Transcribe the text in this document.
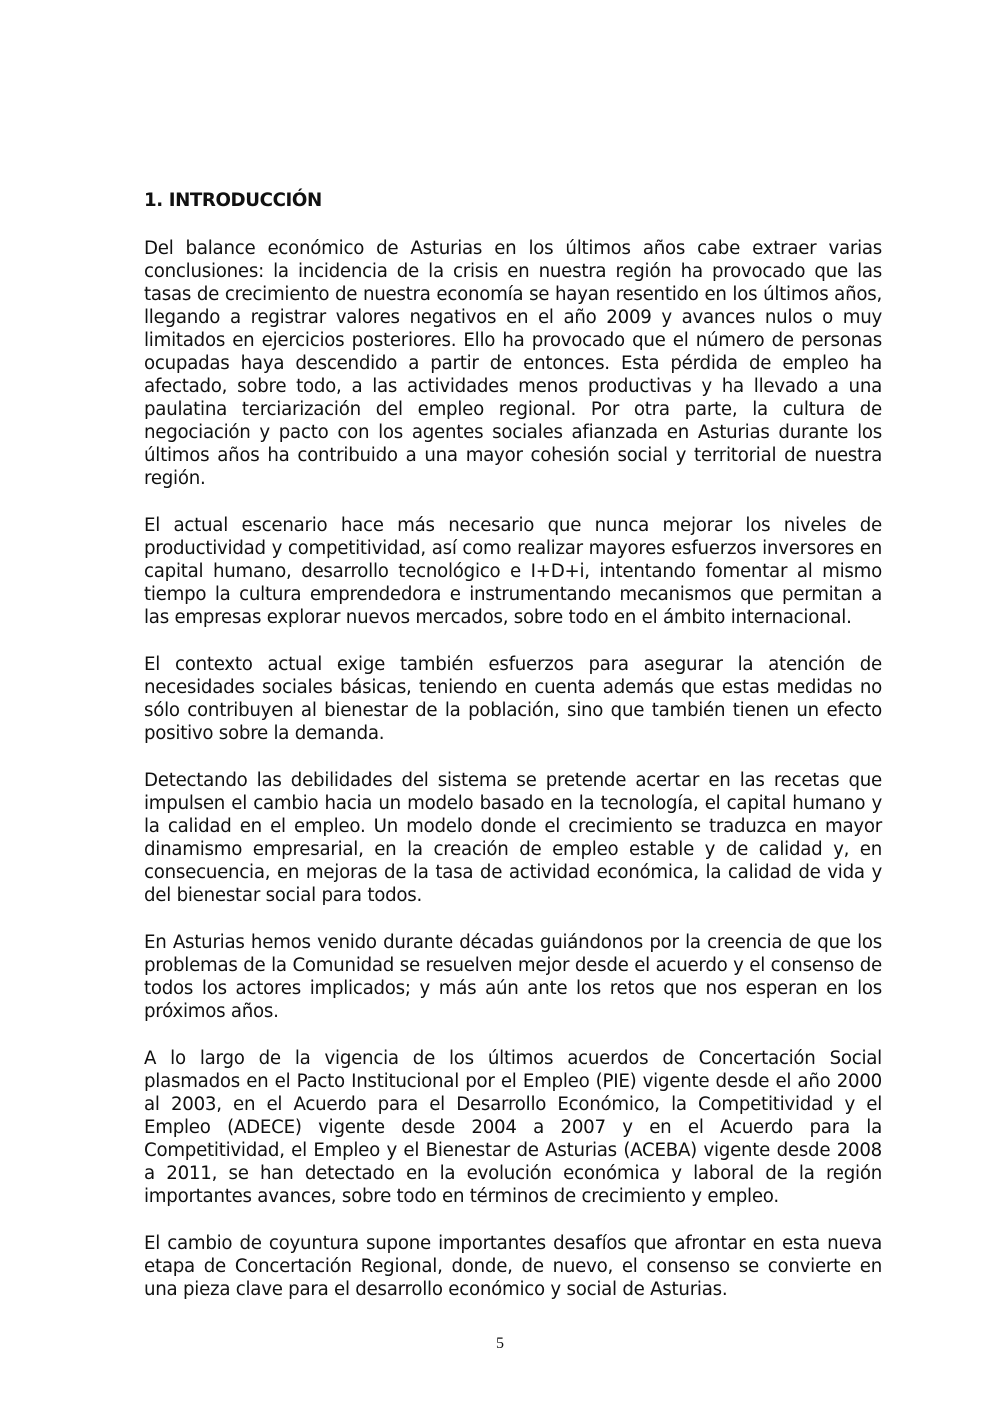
1. INTRODUCCIÓN

Del balance económico de Asturias en los últimos años cabe extraer varias conclusiones: la incidencia de la crisis en nuestra región ha provocado que las tasas de crecimiento de nuestra economía se hayan resentido en los últimos años, llegando a registrar valores negativos en el año 2009 y avances nulos o muy limitados en ejercicios posteriores. Ello ha provocado que el número de personas ocupadas haya descendido a partir de entonces. Esta pérdida de empleo ha afectado, sobre todo, a las actividades menos productivas y ha llevado a una paulatina terciarización del empleo regional. Por otra parte, la cultura de negociación y pacto con los agentes sociales afianzada en Asturias durante los últimos años ha contribuido a una mayor cohesión social y territorial de nuestra región.

El actual escenario hace más necesario que nunca mejorar los niveles de productividad y competitividad, así como realizar mayores esfuerzos inversores en capital humano, desarrollo tecnológico e I+D+i, intentando fomentar al mismo tiempo la cultura emprendedora e instrumentando mecanismos que permitan a las empresas explorar nuevos mercados, sobre todo en el ámbito internacional.

El contexto actual exige también esfuerzos para asegurar la atención de necesidades sociales básicas, teniendo en cuenta además que estas medidas no sólo contribuyen al bienestar de la población, sino que también tienen un efecto positivo sobre la demanda.

Detectando las debilidades del sistema se pretende acertar en las recetas que impulsen el cambio hacia un modelo basado en la tecnología, el capital humano y la calidad en el empleo. Un modelo donde el crecimiento se traduzca en mayor dinamismo empresarial, en la creación de empleo estable y de calidad y, en consecuencia, en mejoras de la tasa de actividad económica, la calidad de vida y del bienestar social para todos.

En Asturias hemos venido durante décadas guiándonos por la creencia de que los problemas de la Comunidad se resuelven mejor desde el acuerdo y el consenso de todos los actores implicados; y más aún ante los retos que nos esperan en los próximos años.

A lo largo de la vigencia de los últimos acuerdos de Concertación Social plasmados en el Pacto Institucional por el Empleo (PIE) vigente desde el año 2000 al 2003, en el Acuerdo para el Desarrollo Económico, la Competitividad y el Empleo (ADECE) vigente desde 2004 a 2007 y en el Acuerdo para la Competitividad, el Empleo y el Bienestar de Asturias (ACEBA) vigente desde 2008 a 2011, se han detectado en la evolución económica y laboral de la región importantes avances, sobre todo en términos de crecimiento y empleo.

El cambio de coyuntura supone importantes desafíos que afrontar en esta nueva etapa de Concertación Regional, donde, de nuevo, el consenso se convierte en una pieza clave para el desarrollo económico y social de Asturias.

5
